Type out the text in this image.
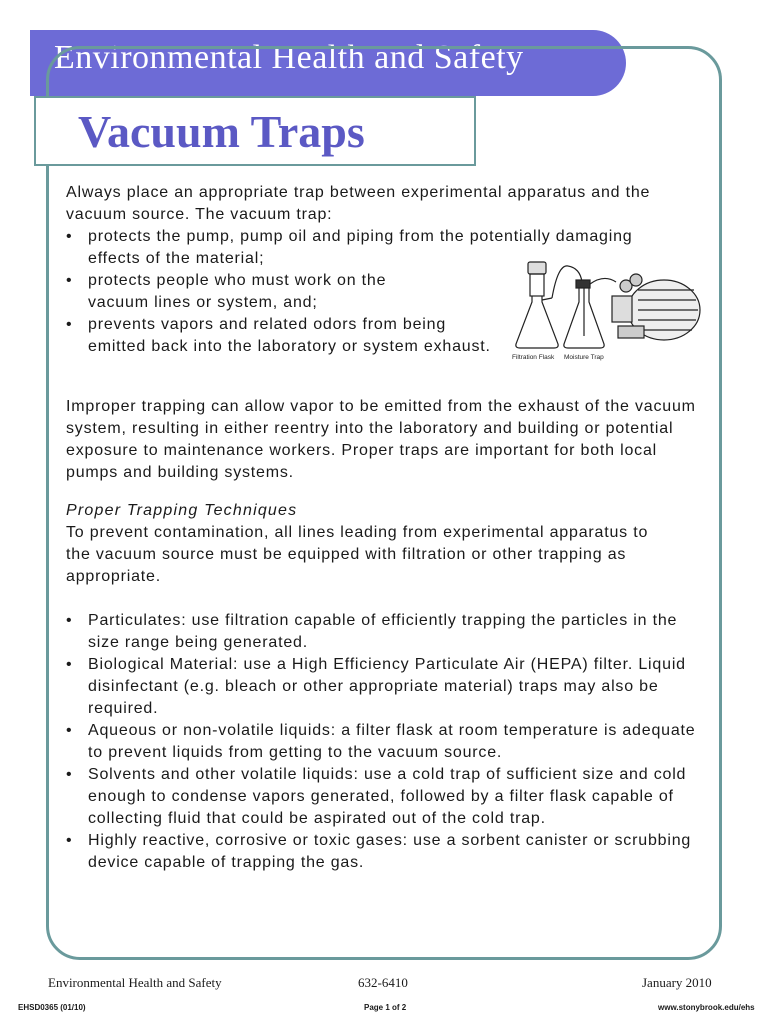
Environmental Health and Safety
Vacuum Traps

Always place an appropriate trap between experimental apparatus and the vacuum source. The vacuum trap:

• protects the pump, pump oil and piping from the potentially damaging effects of the material;
• protects people who must work on the vacuum lines or system, and;
• prevents vapors and related odors from being emitted back into the laboratory or system exhaust.
Filtration Flask Moisture Trap

Improper trapping can allow vapor to be emitted from the exhaust of the vacuum system, resulting in either reentry into the laboratory and building or potential exposure to maintenance workers. Proper traps are important for both local pumps and building systems.

Proper Trapping Techniques

To prevent contamination, all lines leading from experimental apparatus to the vacuum source must be equipped with filtration or other trapping as appropriate.

• Particulates: use filtration capable of efficiently trapping the particles in the size range being generated.
• Biological Material: use a High Efficiency Particulate Air (HEPA) filter. Liquid disinfectant (e.g. bleach or other appropriate material) traps may also be required.
• Aqueous or non-volatile liquids: a filter flask at room temperature is adequate to prevent liquids from getting to the vacuum source.
• Solvents and other volatile liquids: use a cold trap of sufficient size and cold enough to condense vapors generated, followed by a filter flask capable of collecting fluid that could be aspirated out of the cold trap.
• Highly reactive, corrosive or toxic gases: use a sorbent canister or scrubbing device capable of trapping the gas.
Environmental Health and Safety	632-6410	January 2010
EHSD0365 (01/10)	Page 1 of 2	www.stonybrook.edu/ehs
